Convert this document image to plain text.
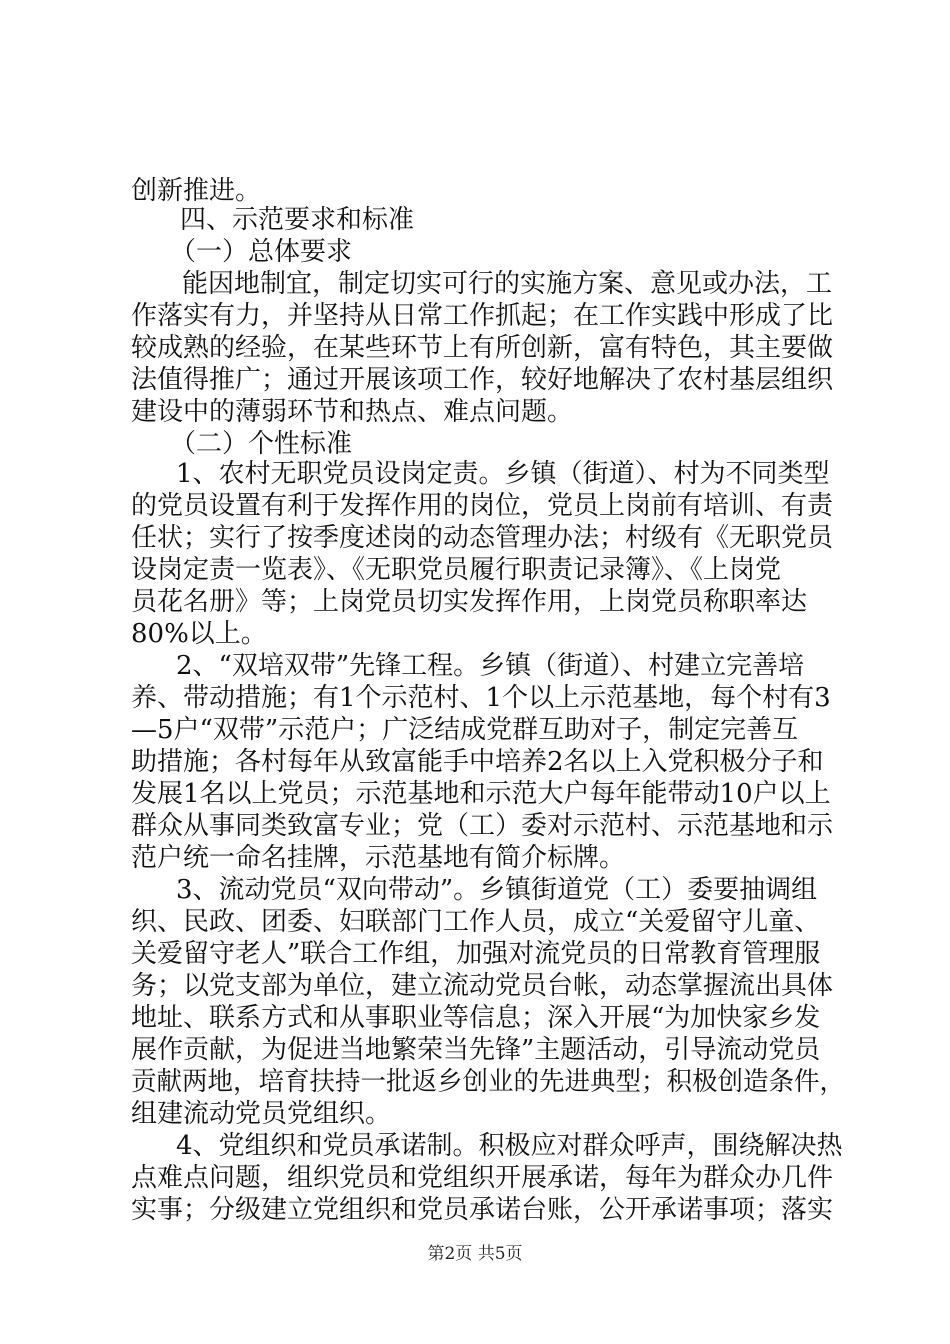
创新推进。
四、示范要求和标准
（一）总体要求
能因地制宜，制定切实可行的实施方案、意见或办法，工
作落实有力，并坚持从日常工作抓起；在工作实践中形成了比
较成熟的经验，在某些环节上有所创新，富有特色，其主要做
法值得推广；通过开展该项工作，较好地解决了农村基层组织
建设中的薄弱环节和热点、难点问题。
（二）个性标准
1、农村无职党员设岗定责。乡镇（街道）、村为不同类型
的党员设置有利于发挥作用的岗位，党员上岗前有培训、有责
任状；实行了按季度述岗的动态管理办法；村级有《无职党员
设岗定责一览表》、《无职党员履行职责记录簿》、《上岗党
员花名册》等；上岗党员切实发挥作用，上岗党员称职率达
80%以上。
2、“双培双带”先锋工程。乡镇（街道）、村建立完善培
养、带动措施；有1个示范村、1个以上示范基地，每个村有3
—5户“双带”示范户；广泛结成党群互助对子，制定完善互
助措施；各村每年从致富能手中培养2名以上入党积极分子和
发展1名以上党员；示范基地和示范大户每年能带动10户以上
群众从事同类致富专业；党（工）委对示范村、示范基地和示
范户统一命名挂牌，示范基地有简介标牌。
3、流动党员“双向带动”。乡镇街道党（工）委要抽调组
织、民政、团委、妇联部门工作人员，成立“关爱留守儿童、
关爱留守老人”联合工作组，加强对流党员的日常教育管理服
务；以党支部为单位，建立流动党员台帐，动态掌握流出具体
地址、联系方式和从事职业等信息；深入开展“为加快家乡发
展作贡献，为促进当地繁荣当先锋”主题活动，引导流动党员
贡献两地，培育扶持一批返乡创业的先进典型；积极创造条件，
组建流动党员党组织。
4、党组织和党员承诺制。积极应对群众呼声，围绕解决热
点难点问题，组织党员和党组织开展承诺，每年为群众办几件
实事；分级建立党组织和党员承诺台账，公开承诺事项；落实
第2页 共5页
